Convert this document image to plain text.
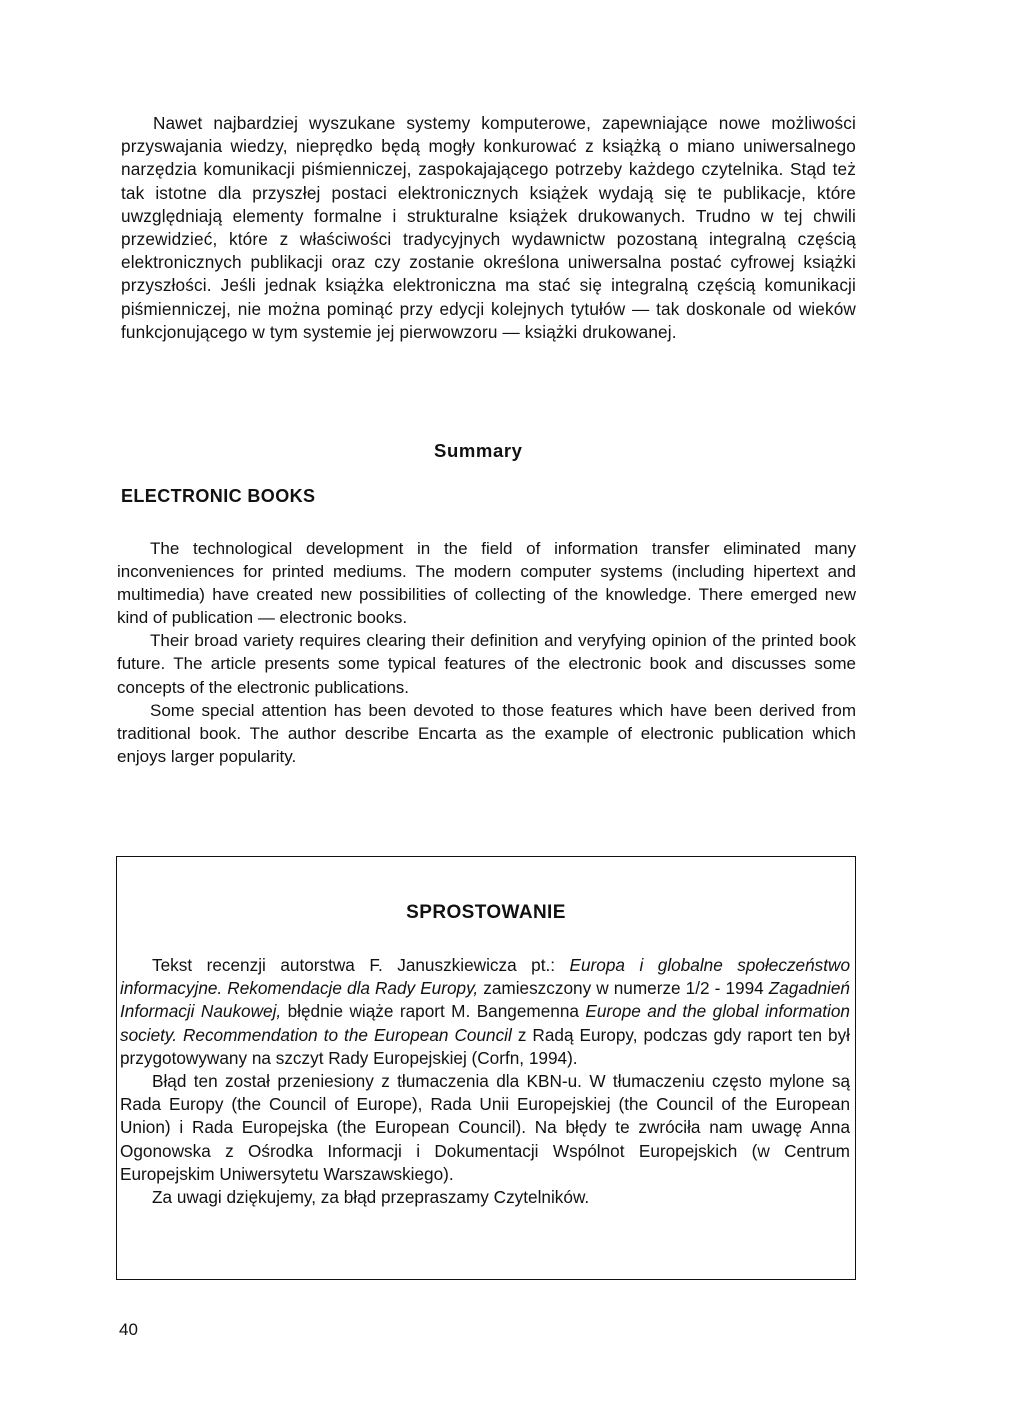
Nawet najbardziej wyszukane systemy komputerowe, zapewniające nowe możliwości przyswajania wiedzy, nieprędko będą mogły konkurować z książką o miano uniwersalnego narzędzia komunikacji piśmienniczej, zaspokajającego potrzeby każdego czytelnika. Stąd też tak istotne dla przyszłej postaci elektronicznych książek wydają się te publikacje, które uwzględniają elementy formalne i strukturalne książek drukowanych. Trudno w tej chwili przewidzieć, które z właściwości tradycyjnych wydawnictw pozostaną integralną częścią elektronicznych publikacji oraz czy zostanie określona uniwersalna postać cyfrowej książki przyszłości. Jeśli jednak książka elektroniczna ma stać się integralną częścią komunikacji piśmienniczej, nie można pominąć przy edycji kolejnych tytułów — tak doskonale od wieków funkcjonującego w tym systemie jej pierwowzoru — książki drukowanej.

Summary
ELECTRONIC BOOKS

The technological development in the field of information transfer eliminated many inconveniences for printed mediums. The modern computer systems (including hipertext and multimedia) have created new possibilities of collecting of the knowledge. There emerged new kind of publication — electronic books.

Their broad variety requires clearing their definition and veryfying opinion of the printed book future. The article presents some typical features of the electronic book and discusses some concepts of the electronic publications.

Some special attention has been devoted to those features which have been derived from traditional book. The author describe Encarta as the example of electronic publication which enjoys larger popularity.

SPROSTOWANIE

Tekst recenzji autorstwa F. Januszkiewicza pt.: Europa i globalne społeczeństwo informacyjne. Rekomendacje dla Rady Europy, zamieszczony w numerze 1/2 - 1994 Zagadnień Informacji Naukowej, błędnie wiąże raport M. Bangemenna Europe and the global information society. Recommendation to the European Council z Radą Europy, podczas gdy raport ten był przygotowywany na szczyt Rady Europejskiej (Corfn, 1994).

Błąd ten został przeniesiony z tłumaczenia dla KBN-u. W tłumaczeniu często mylone są Rada Europy (the Council of Europe), Rada Unii Europejskiej (the Council of the European Union) i Rada Europejska (the European Council). Na błędy te zwróciła nam uwagę Anna Ogonowska z Ośrodka Informacji i Dokumentacji Wspólnot Europejskich (w Centrum Europejskim Uniwersytetu Warszawskiego).

Za uwagi dziękujemy, za błąd przepraszamy Czytelników.

40
